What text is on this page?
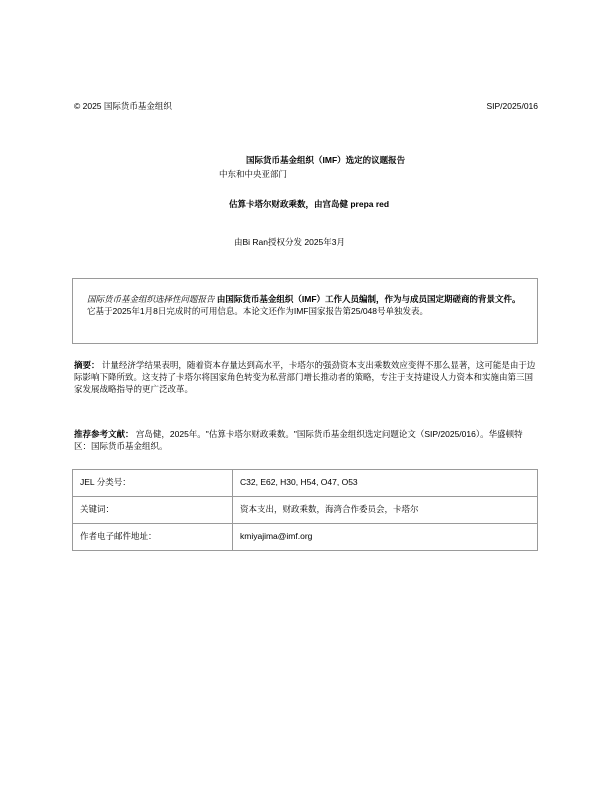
© 2025 国际货币基金组织	SIP/2025/016
国际货币基金组织（IMF）选定的议题报告
中东和中央亚部门
估算卡塔尔财政乘数，由宫岛健 prepa red
由Bi Ran授权分发 2025年3月
国际货币基金组织选择性问题报告 由国际货币基金组织（IMF）工作人员编制，作为与成员国定期磋商的背景文件。 它基于2025年1月8日完成时的可用信息。本论文还作为IMF国家报告第25/048号单独发表。
摘要： 计量经济学结果表明，随着资本存量达到高水平，卡塔尔的强劲资本支出乘数效应变得不那么显著，这可能是由于边际影响下降所致。这支持了卡塔尔将国家角色转变为私营部门增长推动者的策略，专注于支持建设人力资本和实施由第三国家发展战略指导的更广泛改革。
推荐参考文献： 宫岛健，2025年。"估算卡塔尔财政乘数。"国际货币基金组织选定问题论文（SIP/2025/016）。华盛顿特区：国际货币基金组织。
JEL 分类号：	C32, E62, H30, H54, O47, O53
关键词：	资本支出，财政乘数，海湾合作委员会，卡塔尔
作者电子邮件地址：	kmiyajima@imf.org
